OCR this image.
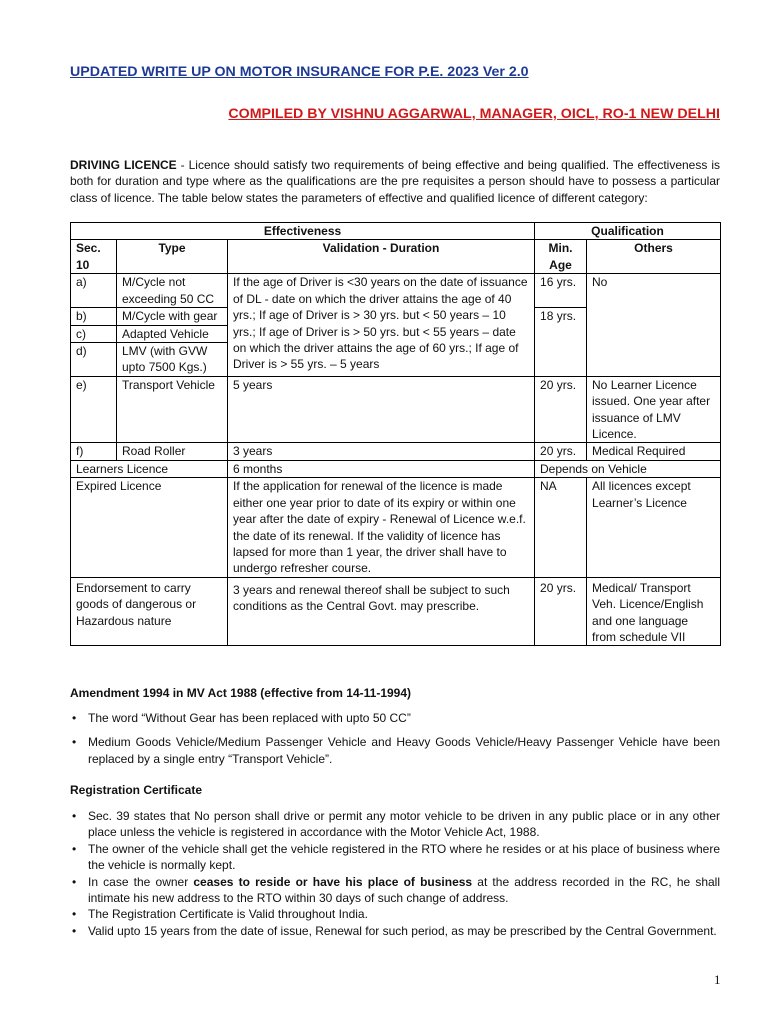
UPDATED WRITE UP ON MOTOR INSURANCE FOR P.E. 2023 Ver 2.0
COMPILED BY VISHNU AGGARWAL, MANAGER, OICL, RO-1 NEW DELHI
DRIVING LICENCE - Licence should satisfy two requirements of being effective and being qualified. The effectiveness is both for duration and type where as the qualifications are the pre requisites a person should have to possess a particular class of licence. The table below states the parameters of effective and qualified licence of different category:
Effectiveness			Qualification	
Sec. 10	Type	Validation - Duration	Min. Age	Others
a)	M/Cycle not exceeding 50 CC	If the age of Driver is <30 years on the date of issuance of DL - date on which the driver attains the age of 40 yrs.; If age of Driver is > 30 yrs. but < 50 years – 10 yrs.; If age of Driver is > 50 yrs. but < 55 years – date on which the driver attains the age of 60 yrs.; If age of Driver is > 55 yrs. – 5 years	16 yrs.	No
b)	M/Cycle with gear		18 yrs.	
c)	Adapted Vehicle			
d)	LMV (with GVW upto 7500 Kgs.)			
e)	Transport Vehicle	5 years	20 yrs.	No Learner Licence issued. One year after issuance of LMV Licence.
f)	Road Roller	3 years	20 yrs.	Medical Required
Learners Licence		6 months	Depends on Vehicle	
Expired Licence		If the application for renewal of the licence is made either one year prior to date of its expiry or within one year after the date of expiry - Renewal of Licence w.e.f. the date of its renewal. If the validity of licence has lapsed for more than 1 year, the driver shall have to undergo refresher course.	NA	All licences except Learner’s Licence
Endorsement to carry goods of dangerous or Hazardous nature		3 years and renewal thereof shall be subject to such conditions as the Central Govt. may prescribe.	20 yrs.	Medical/ Transport Veh. Licence/English and one language from schedule VII
Amendment 1994 in MV Act 1988 (effective from 14-11-1994)
• The word “Without Gear has been replaced with upto 50 CC”
• Medium Goods Vehicle/Medium Passenger Vehicle and Heavy Goods Vehicle/Heavy Passenger Vehicle have been replaced by a single entry “Transport Vehicle”.
Registration Certificate
• Sec. 39 states that No person shall drive or permit any motor vehicle to be driven in any public place or in any other place unless the vehicle is registered in accordance with the Motor Vehicle Act, 1988.
• The owner of the vehicle shall get the vehicle registered in the RTO where he resides or at his place of business where the vehicle is normally kept.
• In case the owner ceases to reside or have his place of business at the address recorded in the RC, he shall intimate his new address to the RTO within 30 days of such change of address.
• The Registration Certificate is Valid throughout India.
• Valid upto 15 years from the date of issue, Renewal for such period, as may be prescribed by the Central Government.
1
